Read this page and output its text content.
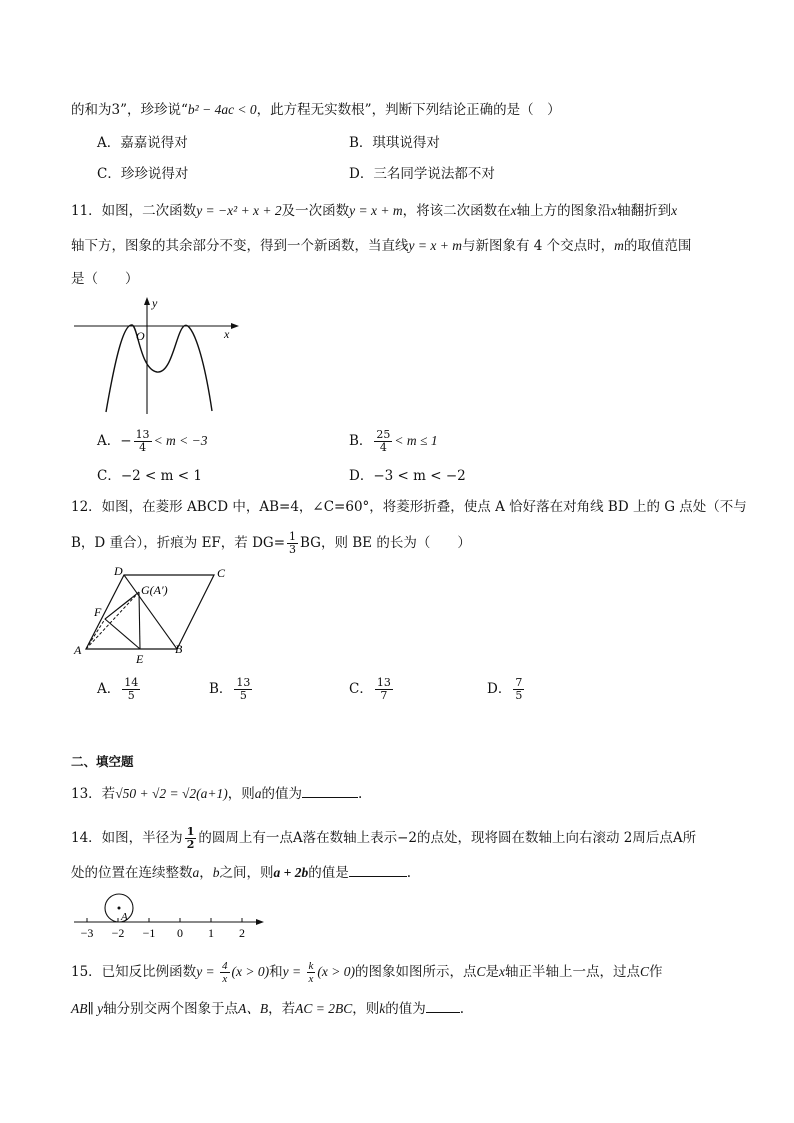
的和为3”，珍珍说“b² − 4ac < 0，此方程无实数根”，判断下列结论正确的是（　）
A．嘉嘉说得对	B．琪琪说得对
C．珍珍说得对	D．三名同学说法都不对
11．如图，二次函数y = −x² + x + 2及一次函数y = x + m，将该二次函数在x轴上方的图象沿x轴翻折到x
轴下方，图象的其余部分不变，得到一个新函数，当直线y = x + m与新图象有 4 个交点时，m的取值范围
是（　　）
y
x
O
A．− $\frac{13}{4} < m < -3$	B． $\frac{25}{4} < m \le 1$
C．−2 < m < 1	D．−3 < m < −2
12．如图，在菱形 ABCD 中，AB=4，∠C=60°，将菱形折叠，使点 A 恰好落在对角线 BD 上的 G 点处（不与
B，D 重合），折痕为 EF，若 $DG= \frac{1}{3}$ BG，则 BE 的长为（　　）
D	C
G(A′)
F
A
E
B
A． $\frac{14}{5}$	B． $\frac{13}{5}$	C． $\frac{13}{7}$	D． $\frac{7}{5}$
二、填空题
13．若√50 + √2 = √2(a+1)，则a的值为	.
14．如图，半径为 $\frac{1}{2}$ 的圆周上有一点A落在数轴上表示−2的点处，现将圆在数轴上向右滚动 2周后点A所
处的位置在连续整数a，b之间，则a + 2b的值是	.
A
−3 −2 −1 0 1 2
15．已知反比例函数$y = \frac{4}{x} (x > 0)$和$y = \frac{k}{x} (x > 0)$的图象如图所示，点C是x轴正半轴上一点，过点C作
AB∥ y轴分别交两个图象于点A、B，若AC = 2BC，则k的值为	.
